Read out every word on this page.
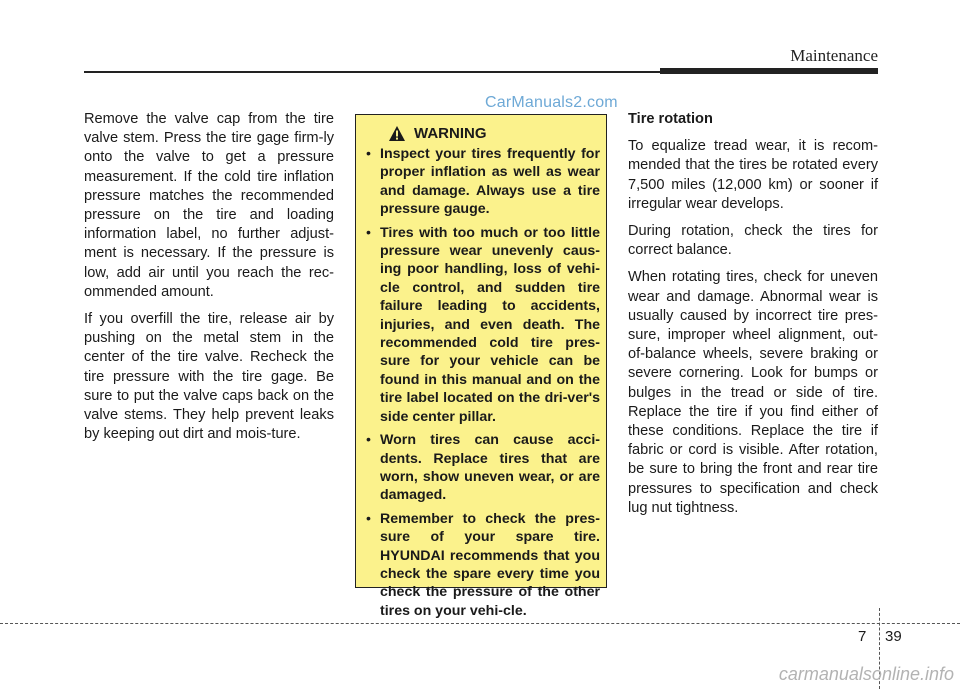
Maintenance
CarManuals2.com

Remove the valve cap from the tire valve stem. Press the tire gage firm-ly onto the valve to get a pressure measurement. If the cold tire inflation pressure matches the recommended pressure on the tire and loading information label, no further adjust-ment is necessary. If the pressure is low, add air until you reach the rec-ommended amount.

If you overfill the tire, release air by pushing on the metal stem in the center of the tire valve. Recheck the tire pressure with the tire gage. Be sure to put the valve caps back on the valve stems. They help prevent leaks by keeping out dirt and mois-ture.

WARNING
• Inspect your tires frequently for proper inflation as well as wear and damage. Always use a tire pressure gauge.
• Tires with too much or too little pressure wear unevenly caus-ing poor handling, loss of vehi-cle control, and sudden tire failure leading to accidents, injuries, and even death. The recommended cold tire pres-sure for your vehicle can be found in this manual and on the tire label located on the dri-ver's side center pillar.
• Worn tires can cause acci-dents. Replace tires that are worn, show uneven wear, or are damaged.
• Remember to check the pres-sure of your spare tire. HYUNDAI recommends that you check the spare every time you check the pressure of the other tires on your vehi-cle.

Tire rotation

To equalize tread wear, it is recom-mended that the tires be rotated every 7,500 miles (12,000 km) or sooner if irregular wear develops.

During rotation, check the tires for correct balance.

When rotating tires, check for uneven wear and damage. Abnormal wear is usually caused by incorrect tire pres-sure, improper wheel alignment, out-of-balance wheels, severe braking or severe cornering. Look for bumps or bulges in the tread or side of tire. Replace the tire if you find either of these conditions. Replace the tire if fabric or cord is visible. After rotation, be sure to bring the front and rear tire pressures to specification and check lug nut tightness.

7 39
carmanualsonline.info
